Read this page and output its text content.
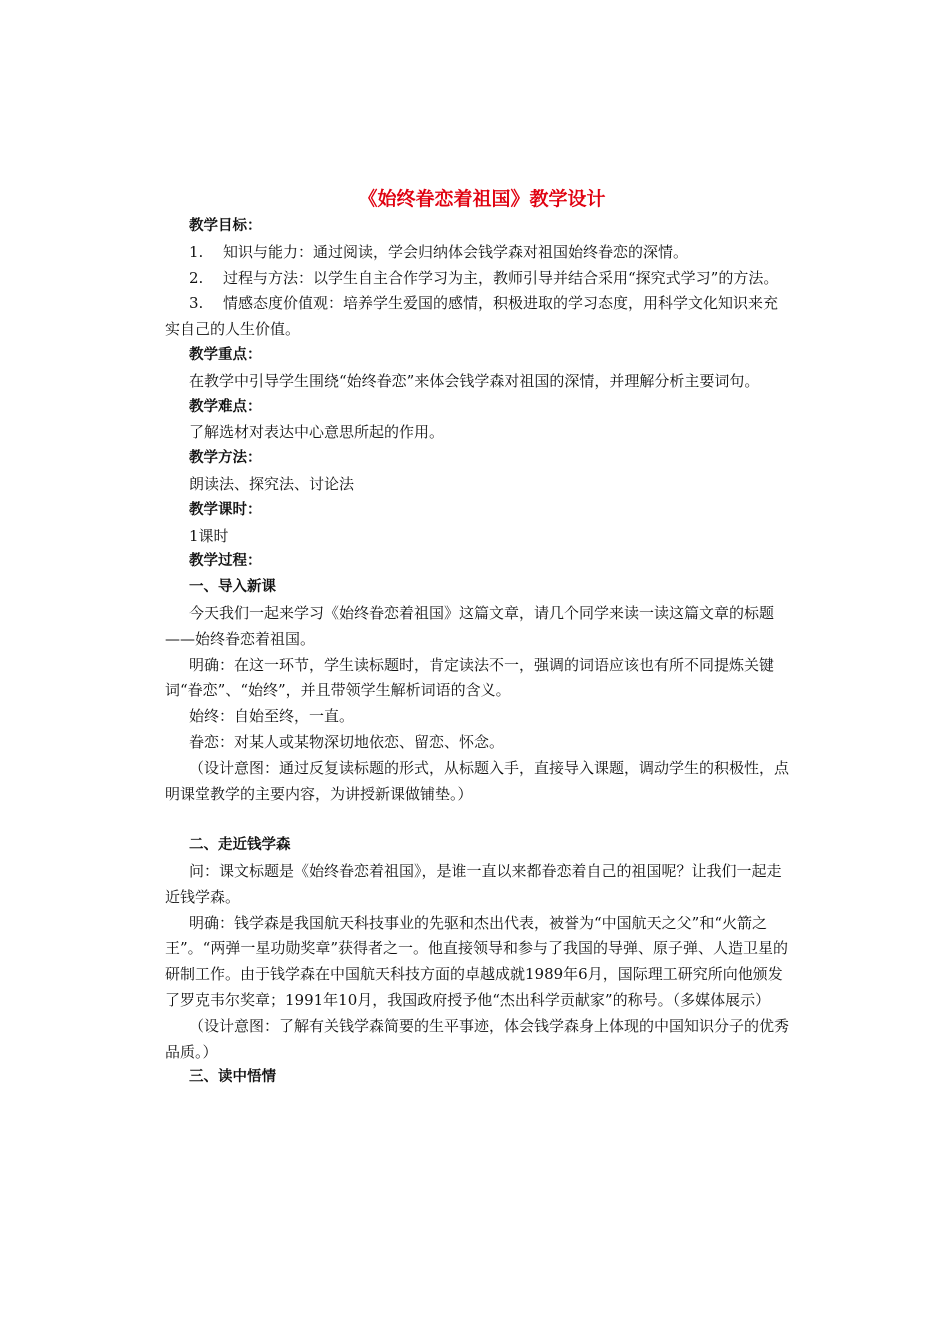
《始终眷恋着祖国》教学设计

教学目标：

1. 知识与能力：通过阅读，学会归纳体会钱学森对祖国始终眷恋的深情。

2. 过程与方法：以学生自主合作学习为主，教师引导并结合采用“探究式学习”的方法。

3. 情感态度价值观：培养学生爱国的感情，积极进取的学习态度，用科学文化知识来充实自己的人生价值。

教学重点：

在教学中引导学生围绕“始终眷恋”来体会钱学森对祖国的深情，并理解分析主要词句。

教学难点：

了解选材对表达中心意思所起的作用。

教学方法：

朗读法、探究法、讨论法

教学课时：

1课时

教学过程：

一、导入新课

今天我们一起来学习《始终眷恋着祖国》这篇文章，请几个同学来读一读这篇文章的标题——始终眷恋着祖国。

明确：在这一环节，学生读标题时，肯定读法不一，强调的词语应该也有所不同提炼关键词“眷恋”、“始终”，并且带领学生解析词语的含义。

始终：自始至终，一直。

眷恋：对某人或某物深切地依恋、留恋、怀念。

（设计意图：通过反复读标题的形式，从标题入手，直接导入课题，调动学生的积极性，点明课堂教学的主要内容，为讲授新课做铺垫。）

二、走近钱学森

问：课文标题是《始终眷恋着祖国》，是谁一直以来都眷恋着自己的祖国呢？让我们一起走近钱学森。

明确：钱学森是我国航天科技事业的先驱和杰出代表，被誉为“中国航天之父”和“火箭之王”。“两弹一星功勋奖章”获得者之一。他直接领导和参与了我国的导弹、原子弹、人造卫星的研制工作。由于钱学森在中国航天科技方面的卓越成就1989年6月，国际理工研究所向他颁发了罗克韦尔奖章；1991年10月，我国政府授予他“杰出科学贡献家”的称号。（多媒体展示）

（设计意图：了解有关钱学森简要的生平事迹，体会钱学森身上体现的中国知识分子的优秀品质。）

三、读中悟情
